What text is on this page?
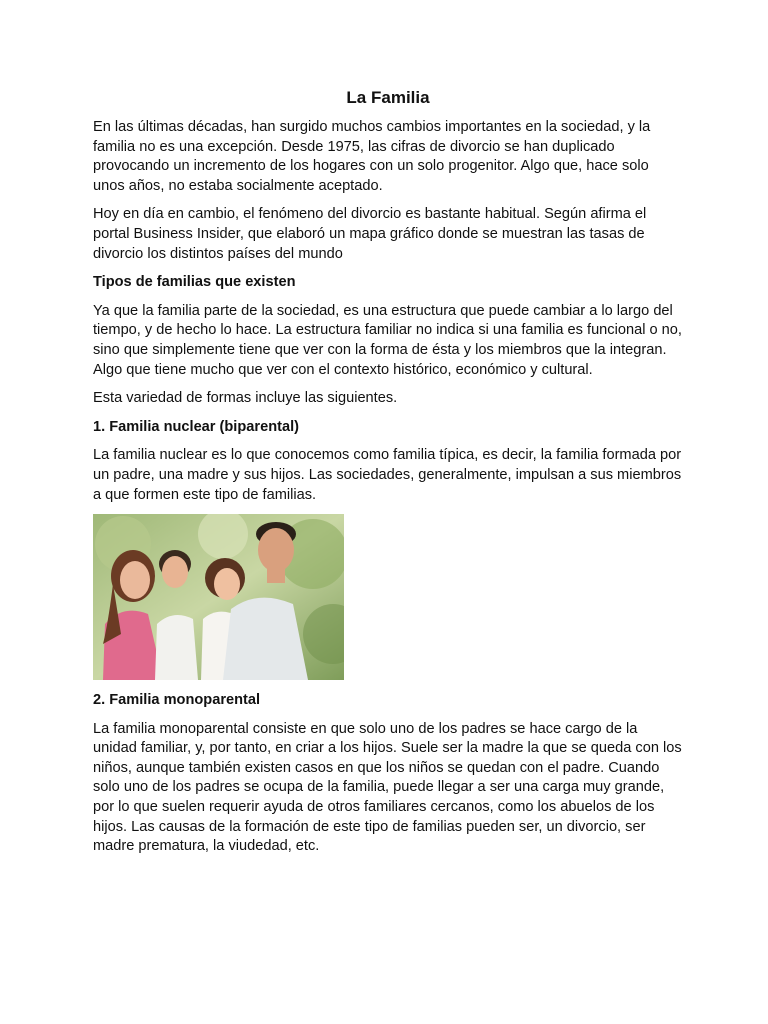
La Familia

En las últimas décadas, han surgido muchos cambios importantes en la sociedad, y la familia no es una excepción. Desde 1975, las cifras de divorcio se han duplicado provocando un incremento de los hogares con un solo progenitor. Algo que, hace solo unos años, no estaba socialmente aceptado.

Hoy en día en cambio, el fenómeno del divorcio es bastante habitual. Según afirma el portal Business Insider, que elaboró un mapa gráfico donde se muestran las tasas de divorcio los distintos países del mundo

Tipos de familias que existen

Ya que la familia parte de la sociedad, es una estructura que puede cambiar a lo largo del tiempo, y de hecho lo hace. La estructura familiar no indica si una familia es funcional o no, sino que simplemente tiene que ver con la forma de ésta y los miembros que la integran. Algo que tiene mucho que ver con el contexto histórico, económico y cultural.

Esta variedad de formas incluye las siguientes.

1. Familia nuclear (biparental)

La familia nuclear es lo que conocemos como familia típica, es decir, la familia formada por un padre, una madre y sus hijos. Las sociedades, generalmente, impulsan a sus miembros a que formen este tipo de familias.

2. Familia monoparental

La familia monoparental consiste en que solo uno de los padres se hace cargo de la unidad familiar, y, por tanto, en criar a los hijos. Suele ser la madre la que se queda con los niños, aunque también existen casos en que los niños se quedan con el padre. Cuando solo uno de los padres se ocupa de la familia, puede llegar a ser una carga muy grande, por lo que suelen requerir ayuda de otros familiares cercanos, como los abuelos de los hijos. Las causas de la formación de este tipo de familias pueden ser, un divorcio, ser madre prematura, la viudedad, etc.
